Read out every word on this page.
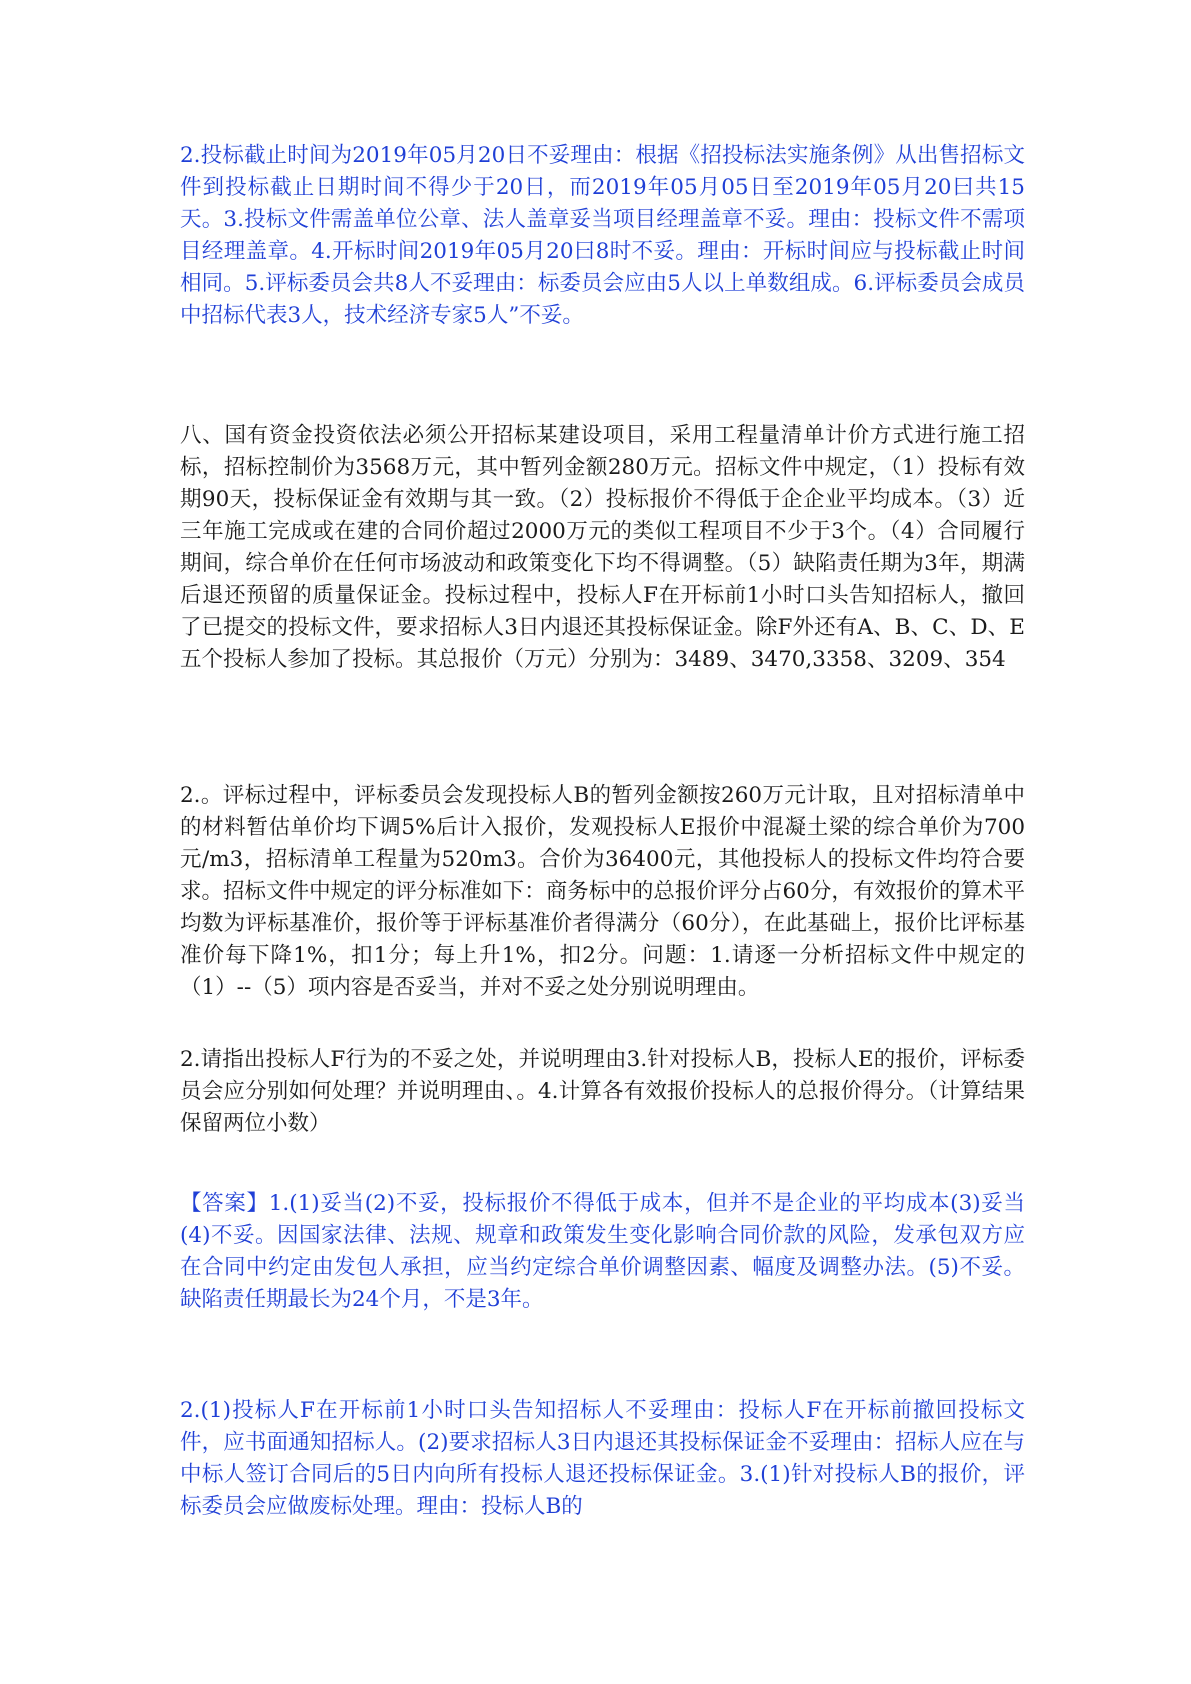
2.投标截止时间为2019年05月20日不妥理由：根据《招投标法实施条例》从出售招标文件到投标截止日期时间不得少于20日，而2019年05月05日至2019年05月20曰共15天。3.投标文件需盖单位公章、法人盖章妥当项目经理盖章不妥。理由：投标文件不需项目经理盖章。4.开标时间2019年05月20曰8时不妥。理由：开标时间应与投标截止时间相同。5.评标委员会共8人不妥理由：标委员会应由5人以上单数组成。6.评标委员会成员中招标代表3人，技术经济专家5人”不妥。

八、国有资金投资依法必须公开招标某建设项目，采用工程量清单计价方式进行施工招标，招标控制价为3568万元，其中暂列金额280万元。招标文件中规定，（1）投标有效期90天，投标保证金有效期与其一致。（2）投标报价不得低于企企业平均成本。（3）近三年施工完成或在建的合同价超过2000万元的类似工程项目不少于3个。（4）合同履行期间，综合单价在任何市场波动和政策变化下均不得调整。（5）缺陷责任期为3年，期满后退还预留的质量保证金。投标过程中，投标人F在开标前1小时口头告知招标人，撤回了已提交的投标文件，要求招标人3日内退还其投标保证金。除F外还有A、B、C、D、E五个投标人参加了投标。其总报价（万元）分别为：3489、3470,3358、3209、354

2.。评标过程中，评标委员会发现投标人B的暂列金额按260万元计取，且对招标清单中的材料暂估单价均下调5%后计入报价，发观投标人E报价中混凝土梁的综合单价为700元/m3，招标清单工程量为520m3。合价为36400元，其他投标人的投标文件均符合要求。招标文件中规定的评分标准如下：商务标中的总报价评分占60分，有效报价的算术平均数为评标基准价，报价等于评标基准价者得满分（60分），在此基础上，报价比评标基准价每下降1%，扣1分；每上升1%，扣2分。问题：1.请逐一分析招标文件中规定的（1）--（5）项内容是否妥当，并对不妥之处分别说明理由。

2.请指出投标人F行为的不妥之处，并说明理由3.针对投标人B，投标人E的报价，评标委员会应分别如何处理？并说明理由、。4.计算各有效报价投标人的总报价得分。（计算结果保留两位小数）

【答案】1.(1)妥当(2)不妥，投标报价不得低于成本，但并不是企业的平均成本(3)妥当(4)不妥。因国家法律、法规、规章和政策发生变化影响合同价款的风险，发承包双方应在合同中约定由发包人承担，应当约定综合单价调整因素、幅度及调整办法。(5)不妥。缺陷责任期最长为24个月，不是3年。

2.(1)投标人F在开标前1小时口头告知招标人不妥理由：投标人F在开标前撤回投标文件，应书面通知招标人。(2)要求招标人3日内退还其投标保证金不妥理由：招标人应在与中标人签订合同后的5日内向所有投标人退还投标保证金。3.(1)针对投标人B的报价，评标委员会应做废标处理。理由：投标人B的
